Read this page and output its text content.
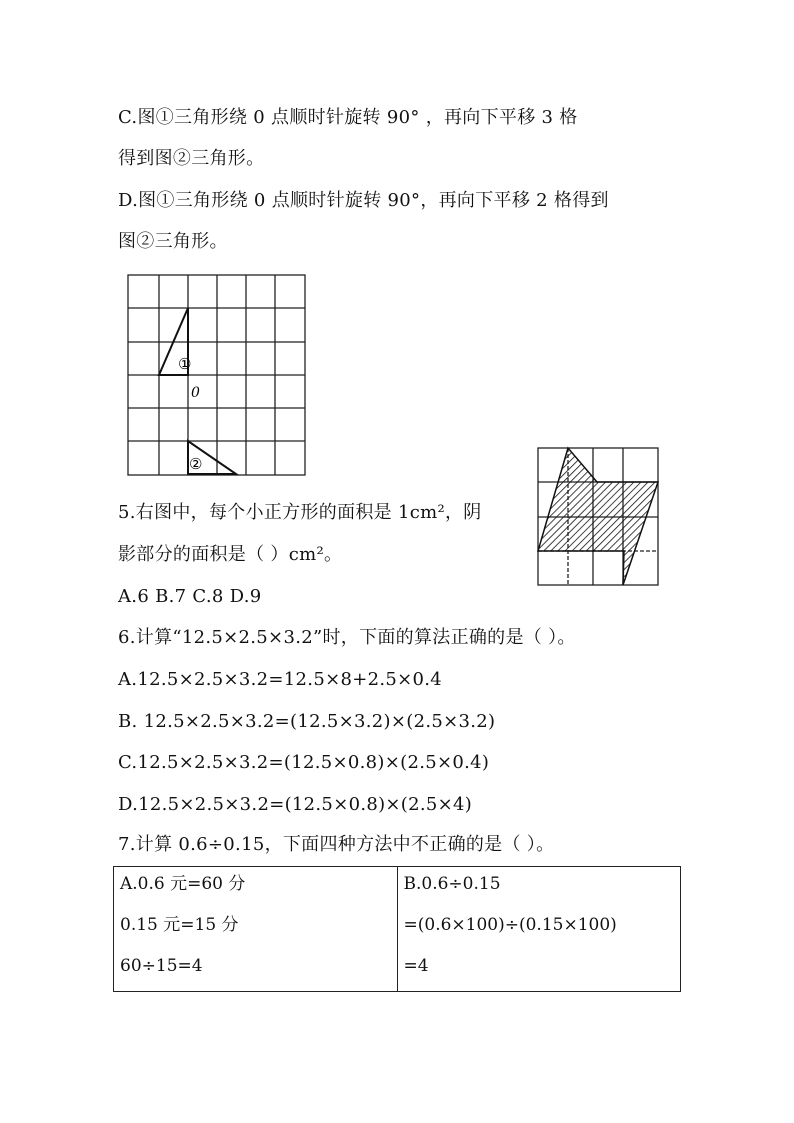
C.图①三角形绕 0 点顺时针旋转 90° ，再向下平移 3 格
得到图②三角形。
D.图①三角形绕 0 点顺时针旋转 90°，再向下平移 2 格得到
图②三角形。
①
②
0
5.右图中，每个小正方形的面积是 1cm²，阴
影部分的面积是（ ）cm²。
A.6 B.7 C.8 D.9
6.计算“12.5×2.5×3.2”时，下面的算法正确的是（ ）。
A.12.5×2.5×3.2=12.5×8+2.5×0.4
B. 12.5×2.5×3.2=(12.5×3.2)×(2.5×3.2)
C.12.5×2.5×3.2=(12.5×0.8)×(2.5×0.4)
D.12.5×2.5×3.2=(12.5×0.8)×(2.5×4)
7.计算 0.6÷0.15，下面四种方法中不正确的是（ ）。
A.0.6 元=60 分
0.15 元=15 分
60÷15=4

B.0.6÷0.15
=(0.6×100)÷(0.15×100)
=4
